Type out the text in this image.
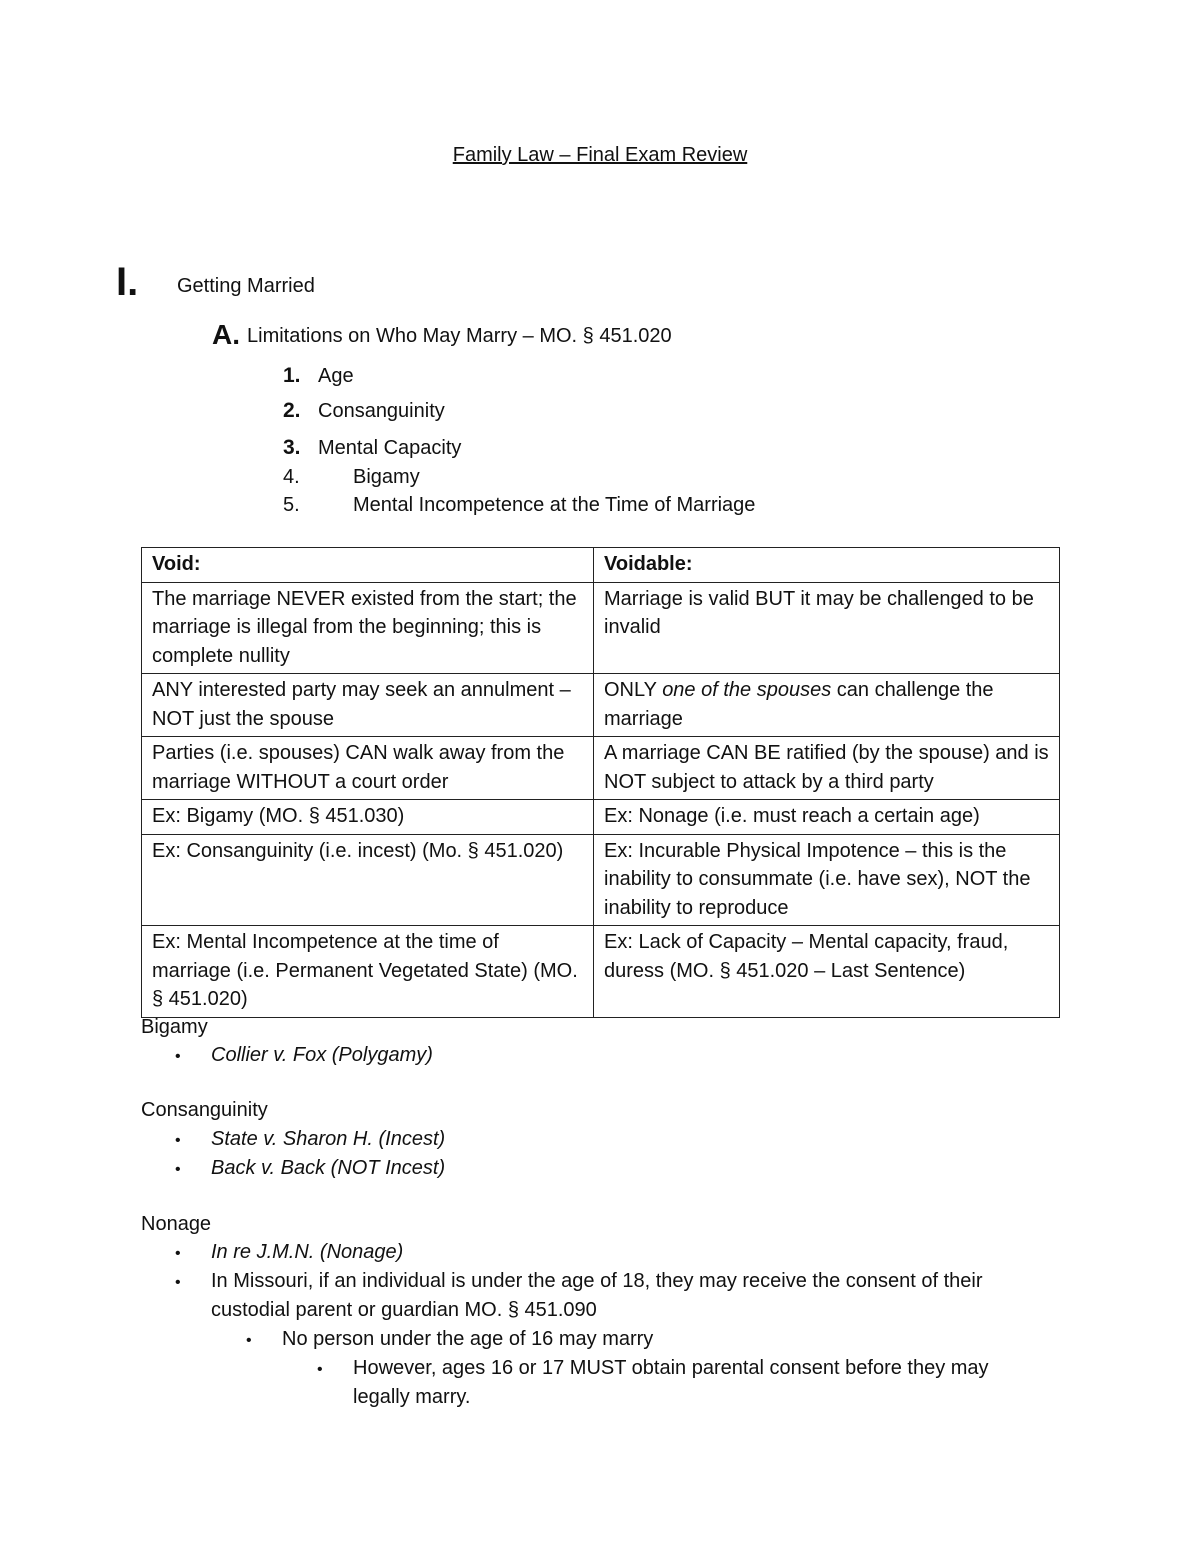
Family Law – Final Exam Review
I. Getting Married
A. Limitations on Who May Marry – MO. § 451.020
1. Age
2. Consanguinity
3. Mental Capacity
4.	Bigamy
5.	Mental Incompetence at the Time of Marriage
Void:	Voidable:
The marriage NEVER existed from the start; the marriage is illegal from the beginning; this is complete nullity	Marriage is valid BUT it may be challenged to be invalid
ANY interested party may seek an annulment – NOT just the spouse	ONLY one of the spouses can challenge the marriage
Parties (i.e. spouses) CAN walk away from the marriage WITHOUT a court order	A marriage CAN BE ratified (by the spouse) and is NOT subject to attack by a third party
Ex: Bigamy (MO. § 451.030)	Ex: Nonage (i.e. must reach a certain age)
Ex: Consanguinity (i.e. incest) (Mo. § 451.020)	Ex: Incurable Physical Impotence – this is the inability to consummate (i.e. have sex), NOT the inability to reproduce
Ex: Mental Incompetence at the time of marriage (i.e. Permanent Vegetated State) (MO. § 451.020)	Ex: Lack of Capacity – Mental capacity, fraud, duress (MO. § 451.020 – Last Sentence)
Bigamy
• Collier v. Fox (Polygamy)
Consanguinity
• State v. Sharon H. (Incest)
• Back v. Back (NOT Incest)
Nonage
• In re J.M.N. (Nonage)
• In Missouri, if an individual is under the age of 18, they may receive the consent of their
custodial parent or guardian MO. § 451.090
• No person under the age of 16 may marry
• However, ages 16 or 17 MUST obtain parental consent before they may
legally marry.
